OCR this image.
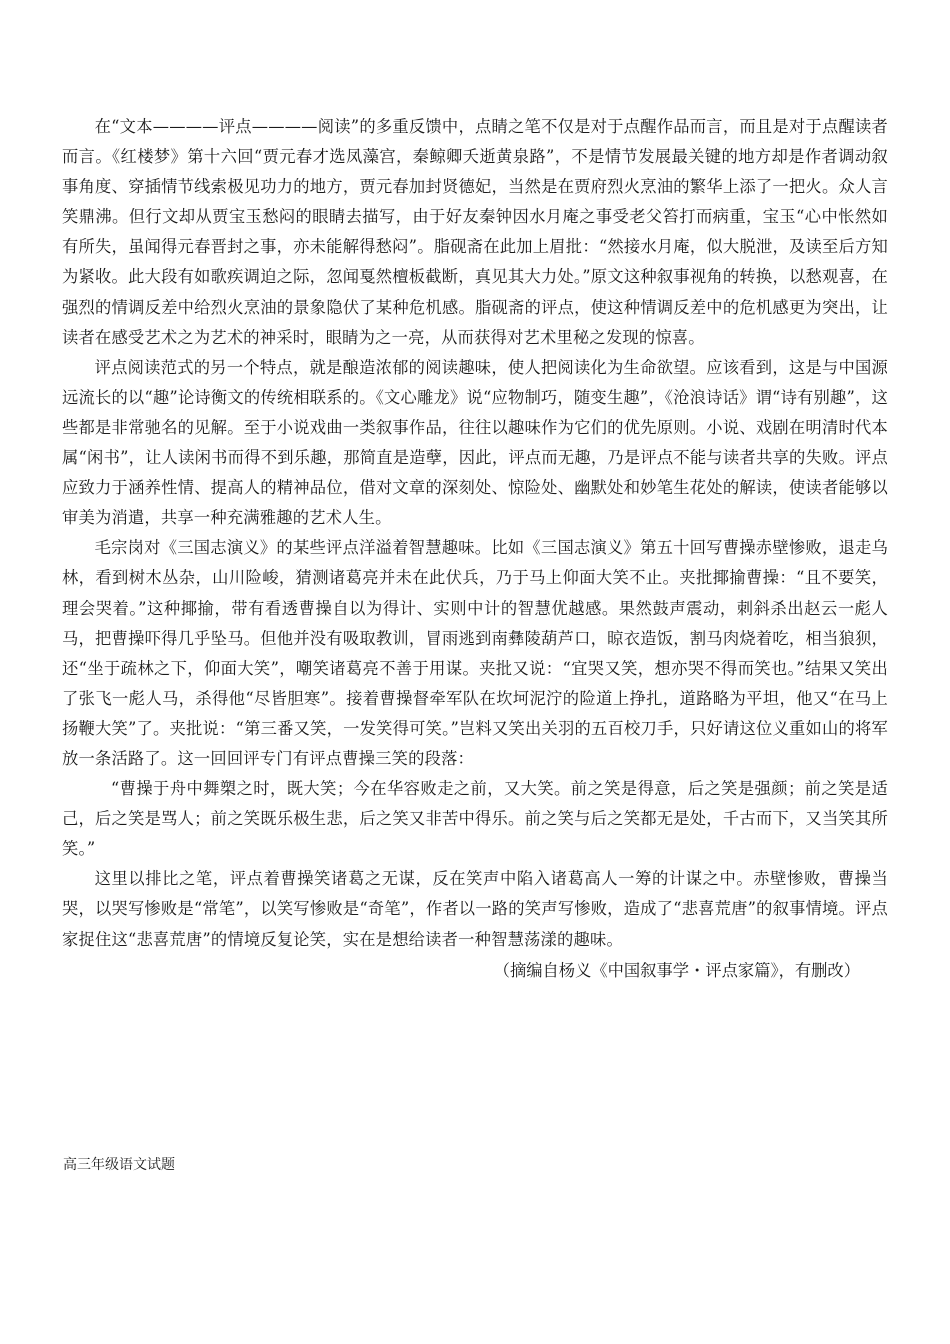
在“文本————评点————阅读”的多重反馈中，点睛之笔不仅是对于点醒作品而言，而且是对于点醒读者而言。《红楼梦》第十六回“贾元春才选凤藻宫，秦鲸卿夭逝黄泉路”，不是情节发展最关键的地方却是作者调动叙事角度、穿插情节线索极见功力的地方，贾元春加封贤德妃，当然是在贾府烈火烹油的繁华上添了一把火。众人言笑鼎沸。但行文却从贾宝玉愁闷的眼睛去描写，由于好友秦钟因水月庵之事受老父笞打而病重，宝玉“心中怅然如有所失，虽闻得元春晋封之事，亦未能解得愁闷”。脂砚斋在此加上眉批：“然接水月庵，似大脱泄，及读至后方知为紧收。此大段有如歌疾调迫之际，忽闻戛然檀板截断，真见其大力处。”原文这种叙事视角的转换，以愁观喜，在强烈的情调反差中给烈火烹油的景象隐伏了某种危机感。脂砚斋的评点，使这种情调反差中的危机感更为突出，让读者在感受艺术之为艺术的神采时，眼睛为之一亮，从而获得对艺术里秘之发现的惊喜。

评点阅读范式的另一个特点，就是酿造浓郁的阅读趣味，使人把阅读化为生命欲望。应该看到，这是与中国源远流长的以“趣”论诗衡文的传统相联系的。《文心雕龙》说“应物制巧，随变生趣”，《沧浪诗话》谓“诗有别趣”，这些都是非常驰名的见解。至于小说戏曲一类叙事作品，往往以趣味作为它们的优先原则。小说、戏剧在明清时代本属“闲书”，让人读闲书而得不到乐趣，那简直是造孽，因此，评点而无趣，乃是评点不能与读者共享的失败。评点应致力于涵养性情、提高人的精神品位，借对文章的深刻处、惊险处、幽默处和妙笔生花处的解读，使读者能够以审美为消遣，共享一种充满雅趣的艺术人生。

毛宗岗对《三国志演义》的某些评点洋溢着智慧趣味。比如《三国志演义》第五十回写曹操赤壁惨败，退走乌林，看到树木丛杂，山川险峻，猜测诸葛亮并未在此伏兵，乃于马上仰面大笑不止。夹批揶揄曹操：“且不要笑，理会哭着。”这种揶揄，带有看透曹操自以为得计、实则中计的智慧优越感。果然鼓声震动，刺斜杀出赵云一彪人马，把曹操吓得几乎坠马。但他并没有吸取教训，冒雨逃到南彝陵葫芦口，晾衣造饭，割马肉烧着吃，相当狼狈，还“坐于疏林之下，仰面大笑”，嘲笑诸葛亮不善于用谋。夹批又说：“宜哭又笑，想亦哭不得而笑也。”结果又笑出了张飞一彪人马，杀得他“尽皆胆寒”。接着曹操督牵军队在坎坷泥泞的险道上挣扎，道路略为平坦，他又“在马上扬鞭大笑”了。夹批说：“第三番又笑，一发笑得可笑。”岂料又笑出关羽的五百校刀手，只好请这位义重如山的将军放一条活路了。这一回回评专门有评点曹操三笑的段落：

“曹操于舟中舞槊之时，既大笑；今在华容败走之前，又大笑。前之笑是得意，后之笑是强颜；前之笑是适己，后之笑是骂人；前之笑既乐极生悲，后之笑又非苦中得乐。前之笑与后之笑都无是处，千古而下，又当笑其所笑。”

这里以排比之笔，评点着曹操笑诸葛之无谋，反在笑声中陷入诸葛高人一筹的计谋之中。赤壁惨败，曹操当哭，以哭写惨败是“常笔”，以笑写惨败是“奇笔”，作者以一路的笑声写惨败，造成了“悲喜荒唐”的叙事情境。评点家捉住这“悲喜荒唐”的情境反复论笑，实在是想给读者一种智慧荡漾的趣味。

（摘编自杨义《中国叙事学・评点家篇》，有删改）

高三年级语文试题
